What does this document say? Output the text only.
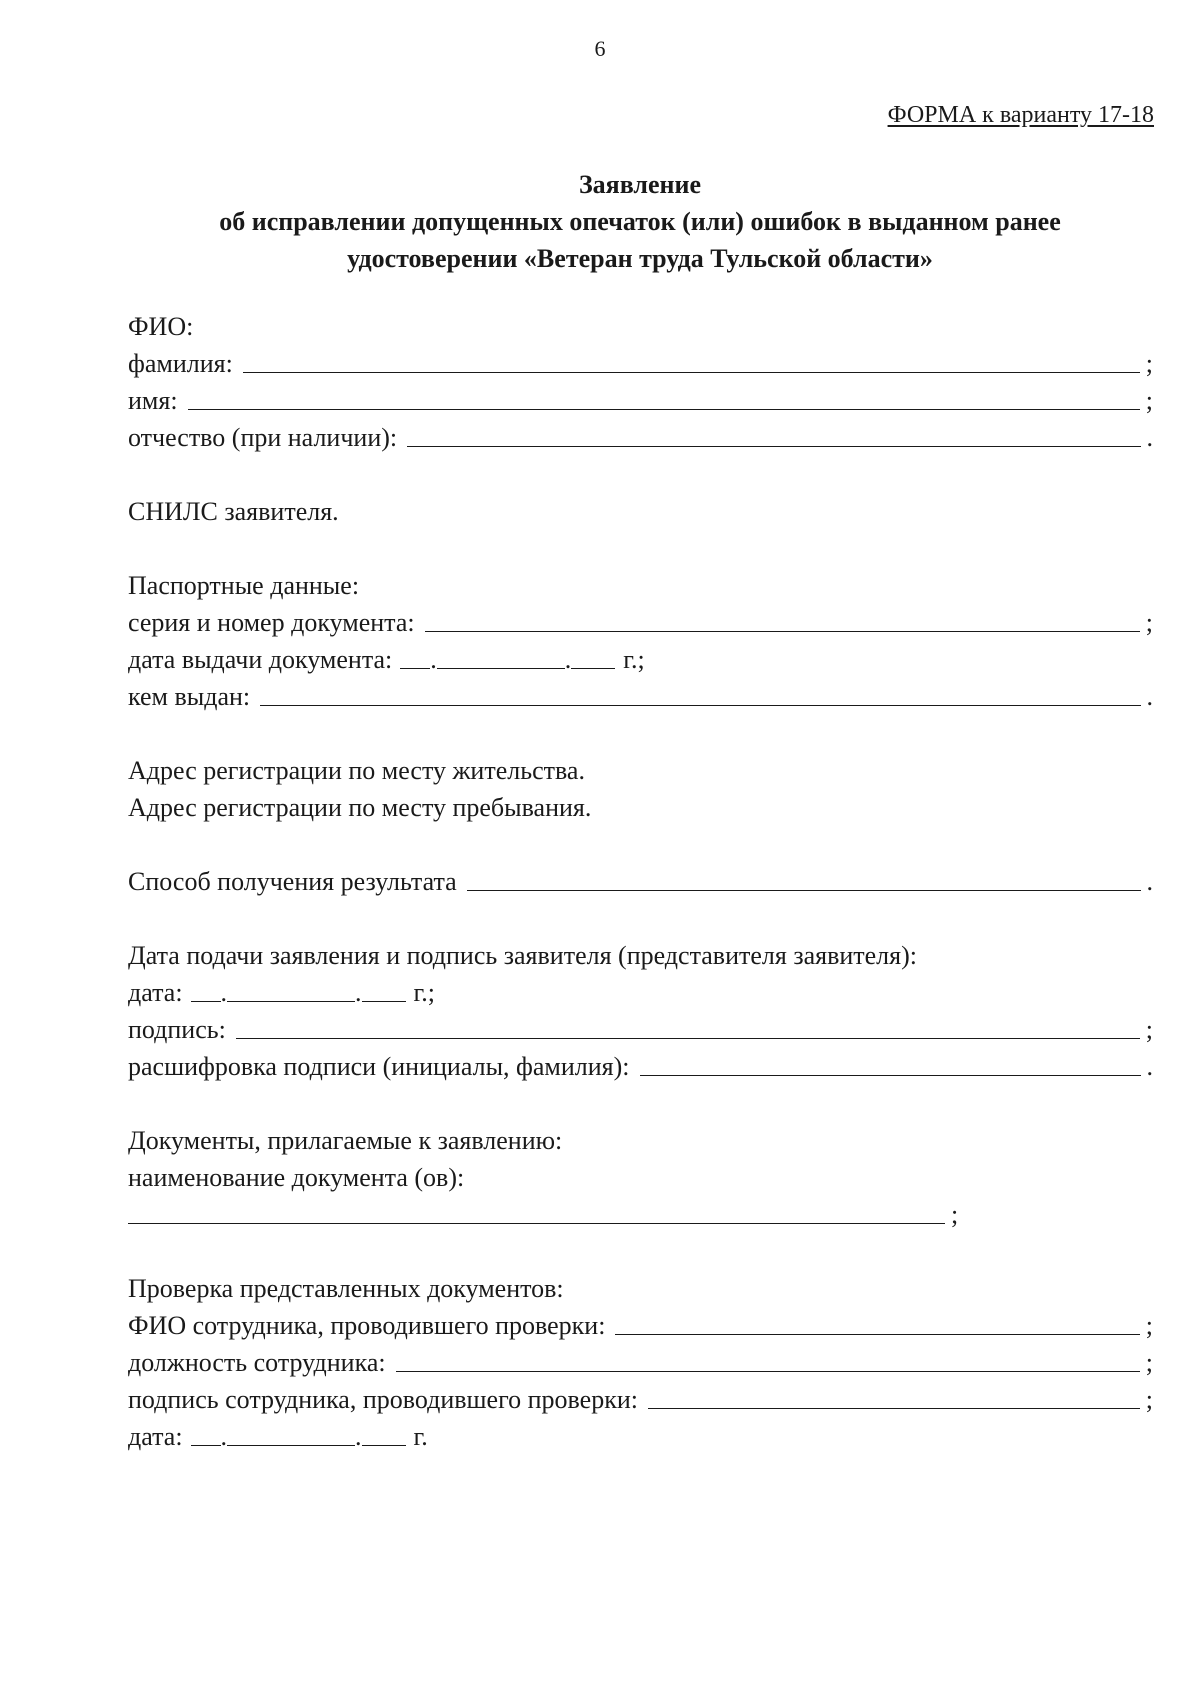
6
ФОРМА к варианту 17-18
Заявление
об исправлении допущенных опечаток (или) ошибок в выданном ранее
удостоверении «Ветеран труда Тульской области»
ФИО:
фамилия:	;
имя:	;
отчество (при наличии):	.
СНИЛС заявителя.
Паспортные данные:
серия и номер документа:	;
дата выдачи документа: .	. г.;
кем выдан:	.
Адрес регистрации по месту жительства.
Адрес регистрации по месту пребывания.
Способ получения результата	.
Дата подачи заявления и подпись заявителя (представителя заявителя):
дата: .	. г.;
подпись:	;
расшифровка подписи (инициалы, фамилия):	.
Документы, прилагаемые к заявлению:
наименование документа (ов):
;
Проверка представленных документов:
ФИО сотрудника, проводившего проверки:	;
должность сотрудника:	;
подпись сотрудника, проводившего проверки:	;
дата: .	. г.
